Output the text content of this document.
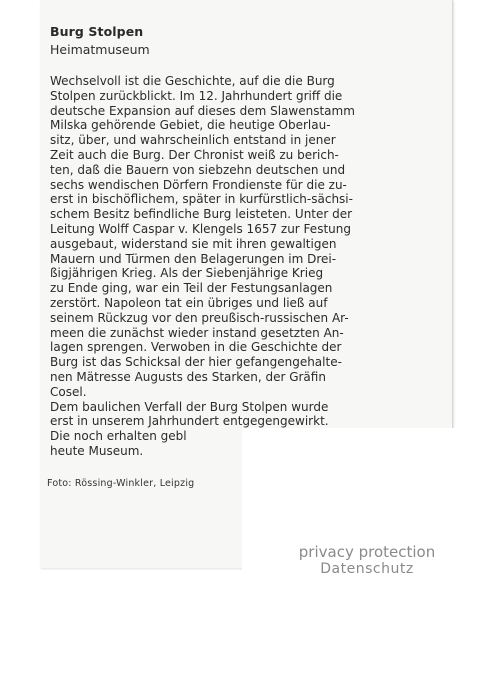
Burg Stolpen
Heimatmuseum
Wechselvoll ist die Geschichte, auf die die Burg
Stolpen zurückblickt. Im 12. Jahrhundert griff die
deutsche Expansion auf dieses dem Slawenstamm
Milska gehörende Gebiet, die heutige Oberlau-
sitz, über, und wahrscheinlich entstand in jener
Zeit auch die Burg. Der Chronist weiß zu berich-
ten, daß die Bauern von siebzehn deutschen und
sechs wendischen Dörfern Frondienste für die zu-
erst in bischöflichem, später in kurfürstlich-sächsi-
schem Besitz befindliche Burg leisteten. Unter der
Leitung Wolff Caspar v. Klengels 1657 zur Festung
ausgebaut, widerstand sie mit ihren gewaltigen
Mauern und Türmen den Belagerungen im Drei-
ßigjährigen Krieg. Als der Siebenjährige Krieg
zu Ende ging, war ein Teil der Festungsanlagen
zerstört. Napoleon tat ein übriges und ließ auf
seinem Rückzug vor den preußisch-russischen Ar-
meen die zunächst wieder instand gesetzten An-
lagen sprengen. Verwoben in die Geschichte der
Burg ist das Schicksal der hier gefangengehalte-
nen Mätresse Augusts des Starken, der Gräfin
Cosel.
Dem baulichen Verfall der Burg Stolpen wurde
erst in unserem Jahrhundert entgegengewirkt.
Die noch erhalten gebl
heute Museum.
Foto: Rössing-Winkler, Leipzig
privacy protection
Datenschutz
